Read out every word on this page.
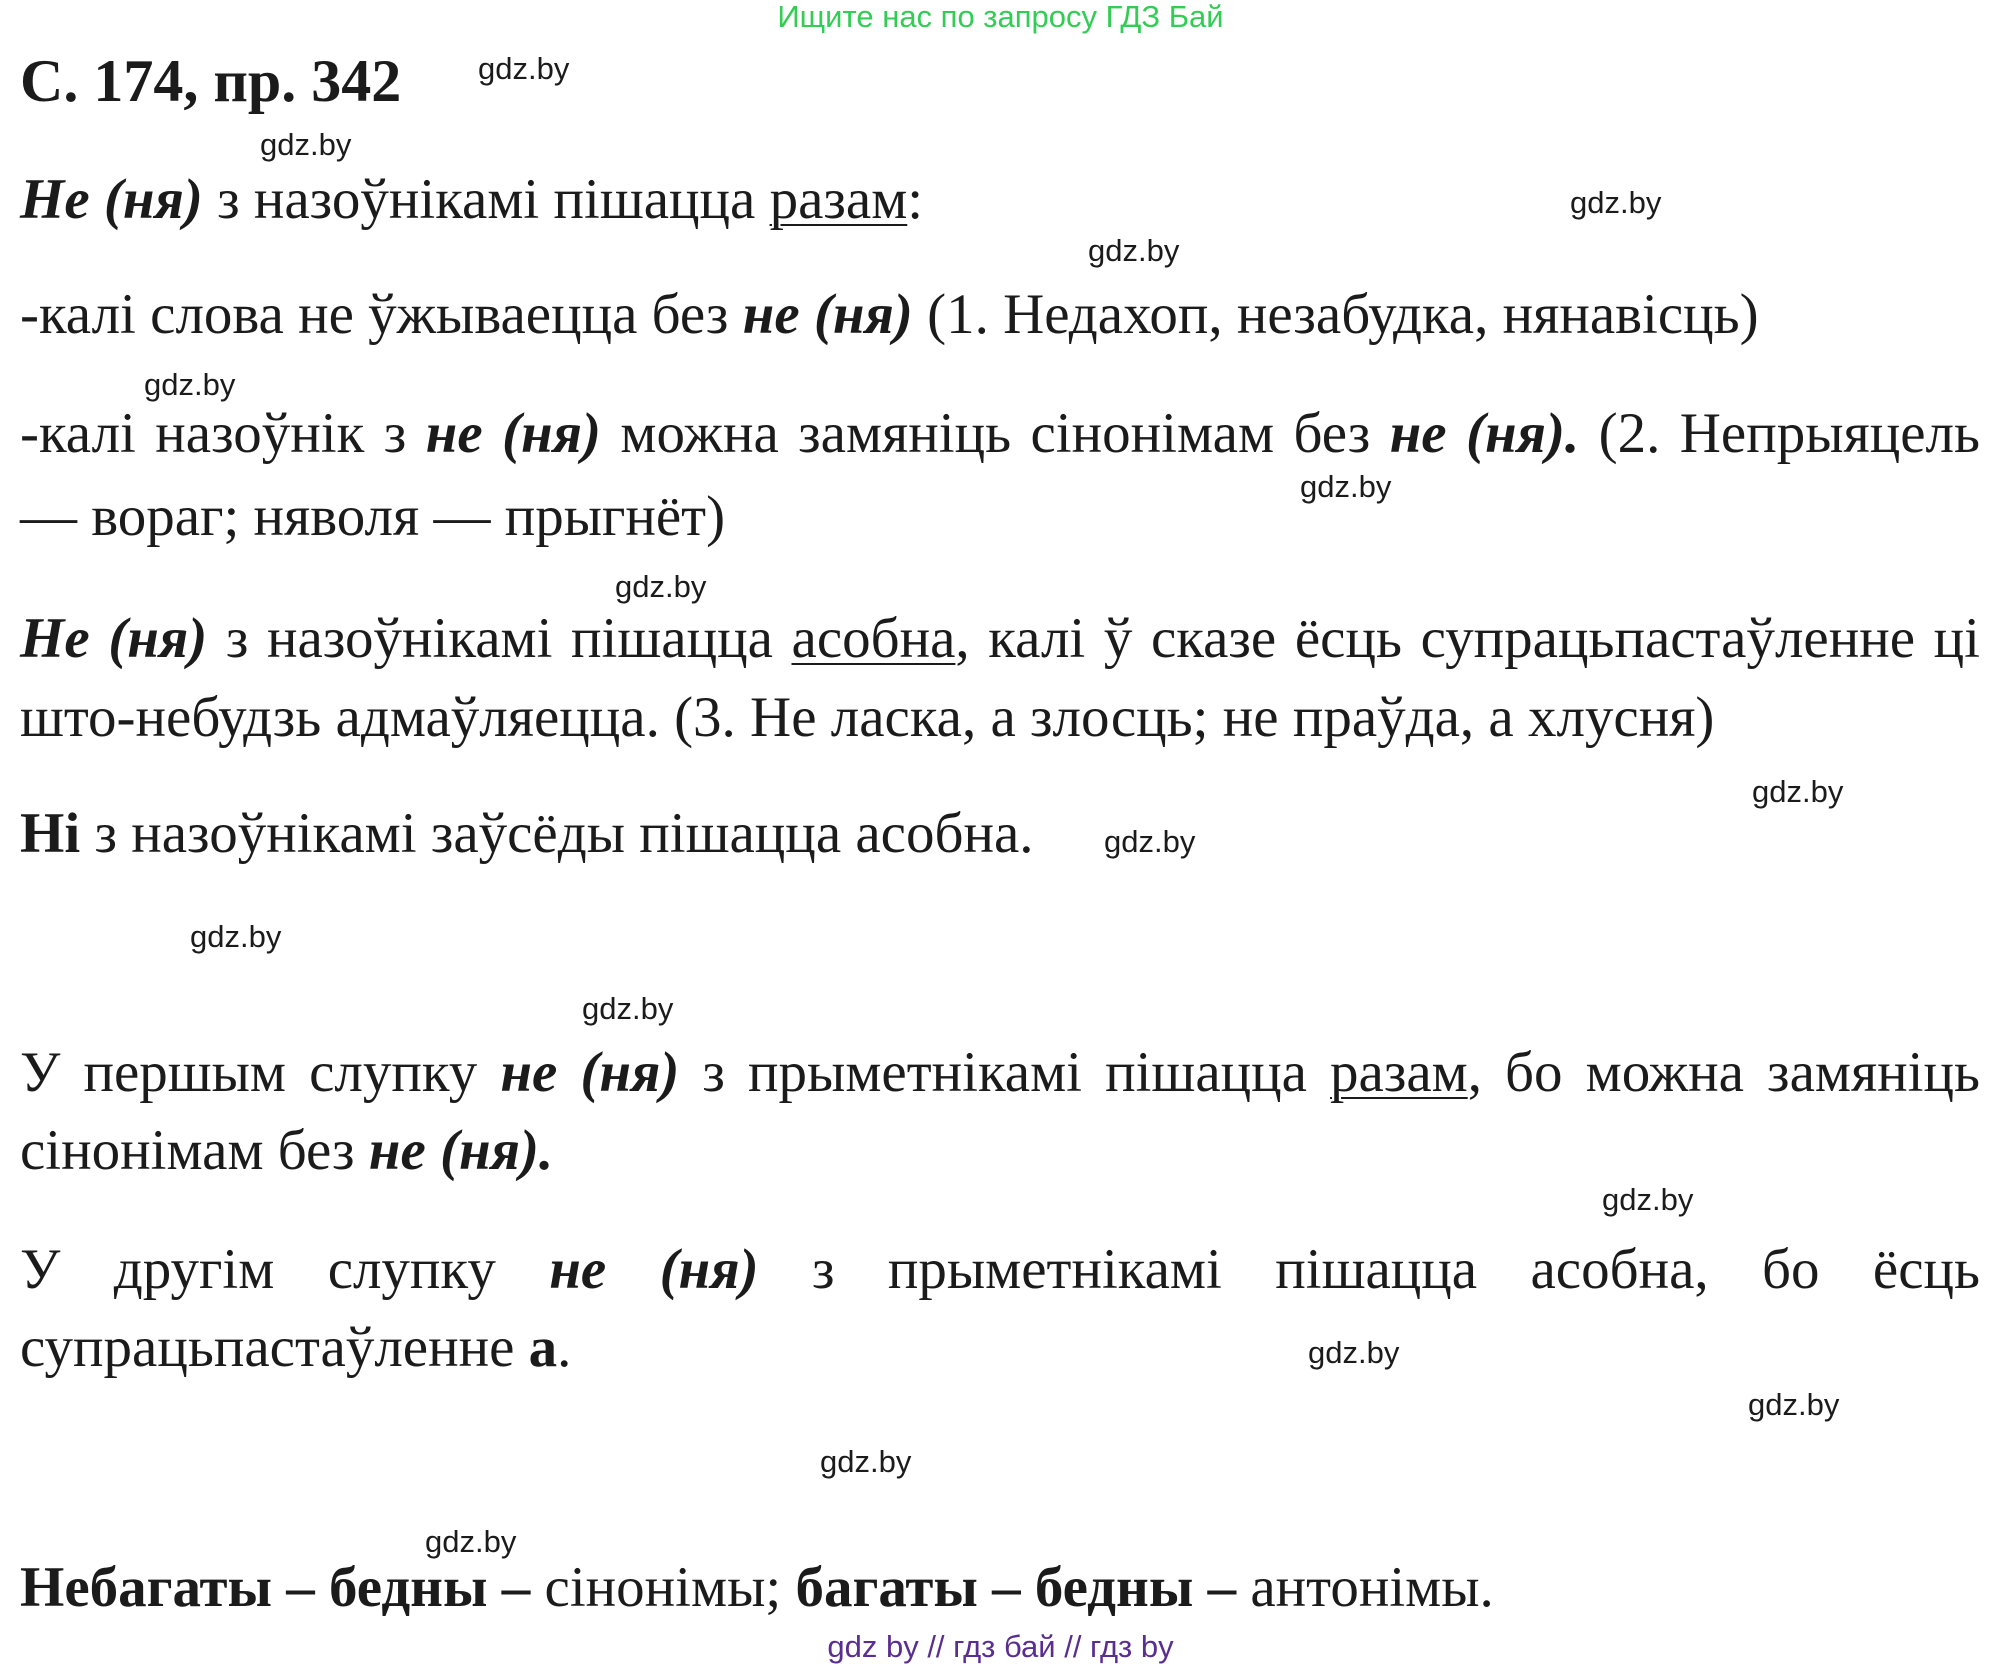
Ищите нас по запросу ГДЗ Бай
С. 174, пр. 342	gdz.by
gdz.by
gdz.by
gdz.by
gdz.by
gdz.by
gdz.by
gdz.by
gdz.by
gdz.by
gdz.by
gdz.by
gdz.by
gdz.by
gdz.by
gdz.by
Не (ня) з назоўнікамі пішацца разам:
-калі слова не ўжываецца без не (ня) (1. Недахоп, незабудка, нянавісць)
-калі назоўнік з не (ня) можна замяніць сінонімам без не (ня). (2. Непрыяцель
— вораг; няволя — прыгнёт)
Не (ня) з назоўнікамі пішацца асобна, калі ў сказе ёсць супрацьпастаўленне ці
што-небудзь адмаўляецца. (3. Не ласка, а злосць; не праўда, а хлусня)
Ні з назоўнікамі заўсёды пішацца асобна.
У першым слупку не (ня) з прыметнікамі пішацца разам, бо можна замяніць
сінонімам без не (ня).
У другім слупку не (ня) з прыметнікамі пішацца асобна, бо ёсць
супрацьпастаўленне а.
Небагаты – бедны – сінонімы; багаты – бедны – антонімы.
gdz by // гдз бай // гдз by
